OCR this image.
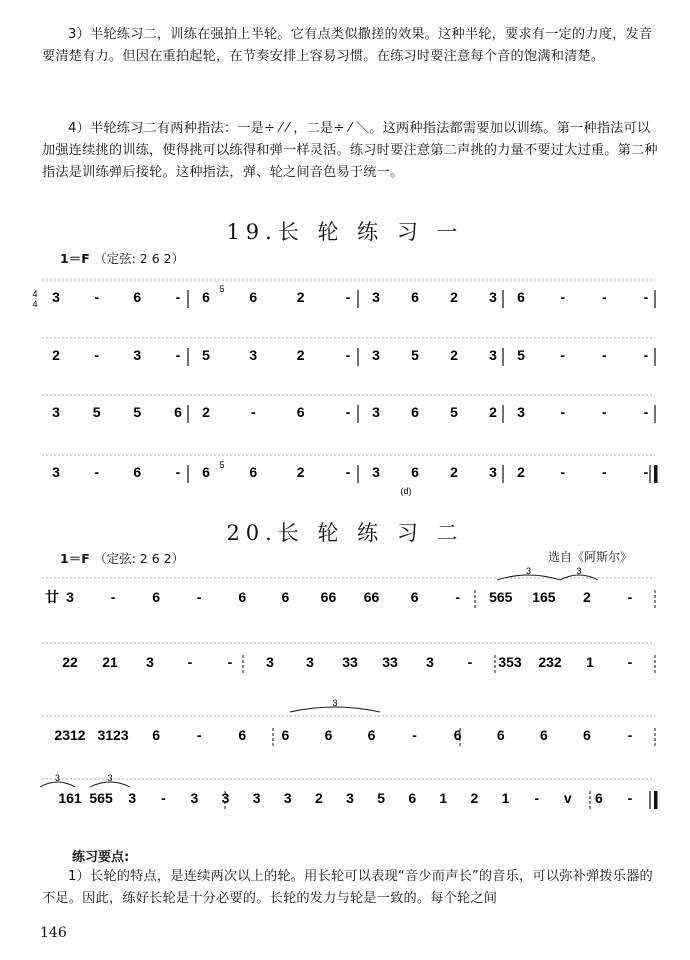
3）半轮练习二，训练在强拍上半轮。它有点类似撒搓的效果。这种半轮，要求有一定的力度，发音要清楚有力。但因在重拍起轮，在节奏安排上容易习惯。在练习时要注意每个音的饱满和清楚。
4）半轮练习二有两种指法：一是÷ ⁄ ⁄ ，二是÷ ⁄ ＼。这两种指法都需要加以训练。第一种指法可以加强连续挑的训练，使得挑可以练得和弹一样灵活。练习时要注意第二声挑的力量不要过大过重。第二种指法是训练弹后接轮。这种指法，弹、轮之间音色易于统一。
19.长 轮 练 习 一
1＝F （定弦: 2 6 2）
20.长 轮 练 习 二
1＝F （定弦: 2 6 2）	选自《阿斯尔》
3 - 6 - 6	6	2	- 3 6 2 3 6	-	-	-
2 - 3 - 5	3	2	- 3 5 2 3 5	-	-	-
3 5 5 6 2	-	6	- 3 6 5 2 3	-	-	-
3 - 6 - 6	6	2	- 3 6 2 3 2	-	-	-
4
4
5
5
(d)
3	-	6	-	6	6 66 66 6	- 565 165 2	-
22 21 3 -	- 3 3 33 33 3 - 353 232 1 -
2312 3123 6	-	6	6	6	6	-	6	6	6	6	-
161 565 3 - 3 3 3 3 2 3 5 6 1 2 1 - v 6 -
廿
3	3
3	3
3
练习要点:
1）长轮的特点，是连续两次以上的轮。用长轮可以表现“音少而声长”的音乐，可以弥补弹拨乐器的不足。因此，练好长轮是十分必要的。长轮的发力与轮是一致的。每个轮之间
146
